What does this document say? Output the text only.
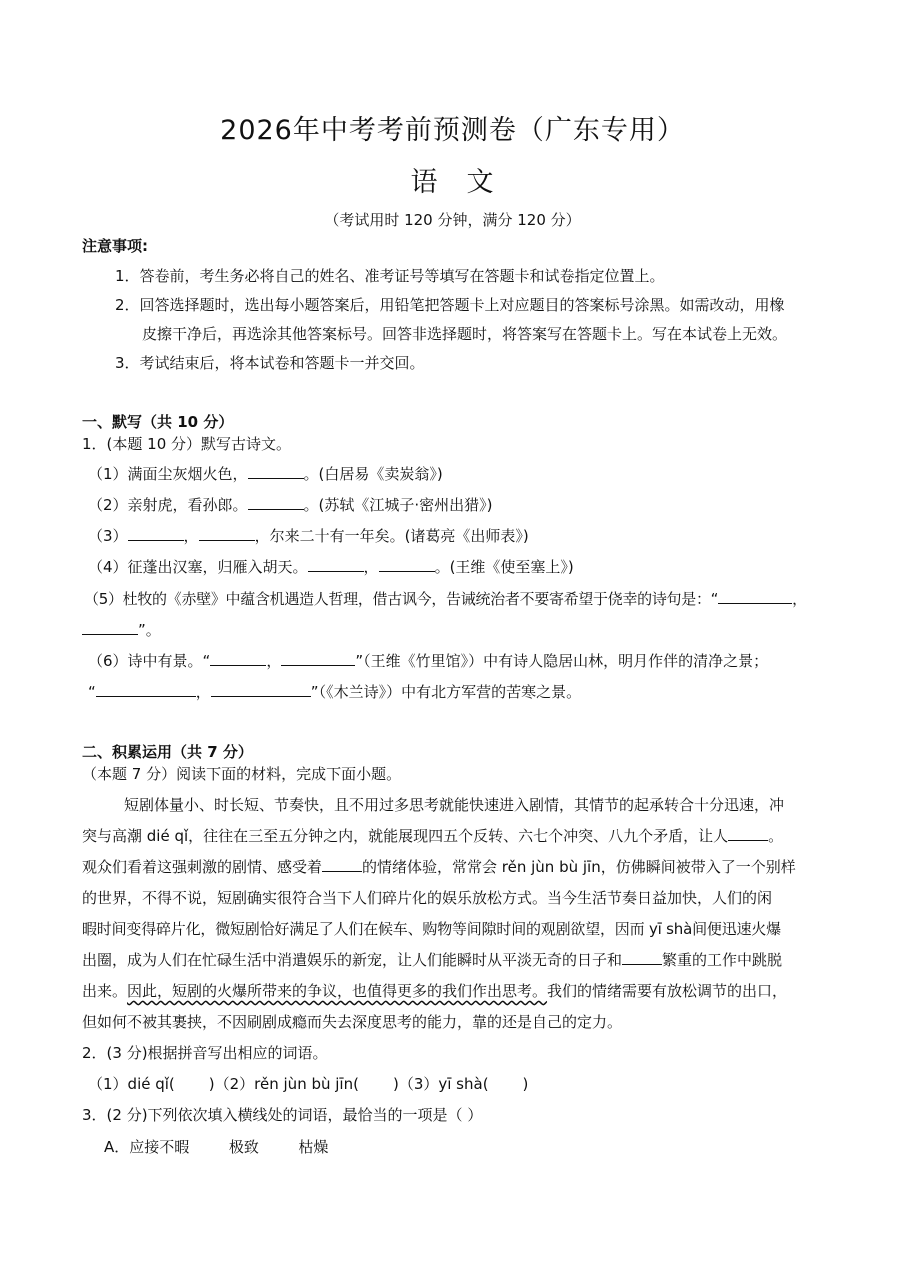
2026年中考考前预测卷（广东专用）
语 文
（考试用时 120 分钟，满分 120 分）
注意事项:
1．答卷前，考生务必将自己的姓名、准考证号等填写在答题卡和试卷指定位置上。
2．回答选择题时，选出每小题答案后，用铅笔把答题卡上对应题目的答案标号涂黑。如需改动，用橡
皮擦干净后，再选涂其他答案标号。回答非选择题时，将答案写在答题卡上。写在本试卷上无效。
3．考试结束后，将本试卷和答题卡一并交回。
一、默写（共 10 分）
1．(本题 10 分）默写古诗文。
（1）满面尘灰烟火色，	。(白居易《卖炭翁》)
（2）亲射虎，看孙郎。	。(苏轼《江城子·密州出猎》)
（3）	，	，尔来二十有一年矣。(诸葛亮《出师表》)
（4）征蓬出汉塞，归雁入胡天。	，	。(王维《使至塞上》)
（5）杜牧的《赤壁》中蕴含机遇造人哲理，借古讽今，告诫统治者不要寄希望于侥幸的诗句是：“	，
”。
（6）诗中有景。“	，	”（王维《竹里馆》）中有诗人隐居山林，明月作伴的清净之景；
“	，	”（《木兰诗》）中有北方军营的苦寒之景。
二、积累运用（共 7 分）
（本题 7 分）阅读下面的材料，完成下面小题。
短剧体量小、时长短、节奏快，且不用过多思考就能快速进入剧情，其情节的起承转合十分迅速，冲
突与高潮 dié qǐ，往往在三至五分钟之内，就能展现四五个反转、六七个冲突、八九个矛盾，让人	。
观众们看着这强刺激的剧情、感受着	的情绪体验，常常会 rěn jùn bù jīn，仿佛瞬间被带入了一个别样
的世界，不得不说，短剧确实很符合当下人们碎片化的娱乐放松方式。当今生活节奏日益加快，人们的闲
暇时间变得碎片化，微短剧恰好满足了人们在候车、购物等间隙时间的观剧欲望，因而 yī shà间便迅速火爆
出圈，成为人们在忙碌生活中消遣娱乐的新宠，让人们能瞬时从平淡无奇的日子和	繁重的工作中跳脱
出来。因此，短剧的火爆所带来的争议，也值得更多的我们作出思考。我们的情绪需要有放松调节的出口，
但如何不被其裹挟，不因刷剧成瘾而失去深度思考的能力，靠的还是自己的定力。
2．(3 分)根据拼音写出相应的词语。
（1）dié qǐ( )（2）rěn jùn bù jīn( )（3）yī shà( )
3．(2 分)下列依次填入横线处的词语，最恰当的一项是（ ）
A．应接不暇	极致	枯燥
